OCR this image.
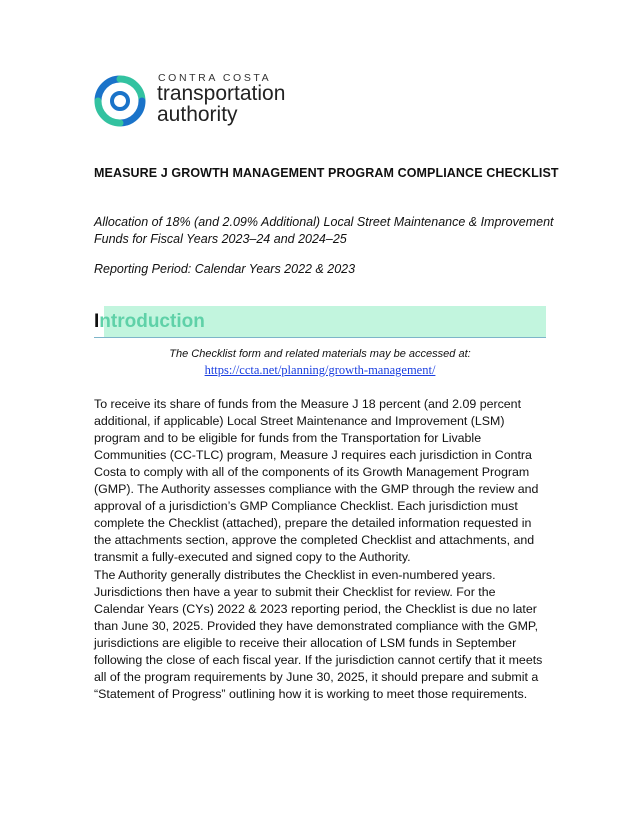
CONTRA COSTA
transportation
authority
MEASURE J GROWTH MANAGEMENT PROGRAM COMPLIANCE CHECKLIST
Allocation of 18% (and 2.09% Additional) Local Street Maintenance & Improvement Funds for Fiscal Years 2023–24 and 2024–25
Reporting Period: Calendar Years 2022 & 2023
Introduction
The Checklist form and related materials may be accessed at:
https://ccta.net/planning/growth-management/

To receive its share of funds from the Measure J 18 percent (and 2.09 percent additional, if applicable) Local Street Maintenance and Improvement (LSM) program and to be eligible for funds from the Transportation for Livable Communities (CC-TLC) program, Measure J requires each jurisdiction in Contra Costa to comply with all of the components of its Growth Management Program (GMP). The Authority assesses compliance with the GMP through the review and approval of a jurisdiction’s GMP Compliance Checklist. Each jurisdiction must complete the Checklist (attached), prepare the detailed information requested in the attachments section, approve the completed Checklist and attachments, and transmit a fully-executed and signed copy to the Authority.

The Authority generally distributes the Checklist in even-numbered years. Jurisdictions then have a year to submit their Checklist for review. For the Calendar Years (CYs) 2022 & 2023 reporting period, the Checklist is due no later than June 30, 2025. Provided they have demonstrated compliance with the GMP, jurisdictions are eligible to receive their allocation of LSM funds in September following the close of each fiscal year. If the jurisdiction cannot certify that it meets all of the program requirements by June 30, 2025, it should prepare and submit a “Statement of Progress” outlining how it is working to meet those requirements.
